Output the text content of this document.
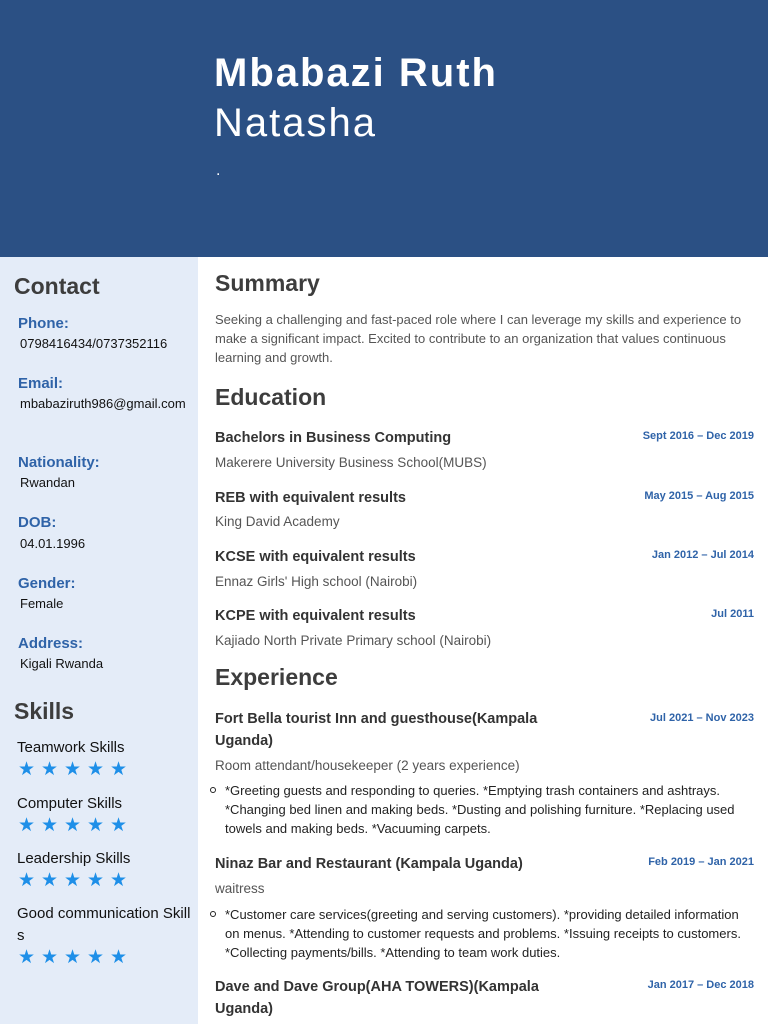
Mbabazi Ruth
Natasha
.
Contact
Phone:
0798416434/0737352116
Email:
mbabaziruth986@gmail.com
Nationality:
Rwandan
DOB:
04.01.1996
Gender:
Female
Address:
Kigali Rwanda
Skills
Teamwork Skills
★ ★ ★ ★ ★
Computer Skills
★ ★ ★ ★ ★
Leadership Skills
★ ★ ★ ★ ★
Good communication Skills
★ ★ ★ ★ ★
Summary
Seeking a challenging and fast-paced role where I can leverage my skills and experience to make a significant impact. Excited to contribute to an organization that values continuous learning and growth.
Education
Bachelors in Business Computing	Sept 2016 – Dec 2019
Makerere University Business School(MUBS)
REB with equivalent results	May 2015 – Aug 2015
King David Academy
KCSE with equivalent results	Jan 2012 – Jul 2014
Ennaz Girls' High school (Nairobi)
KCPE with equivalent results	Jul 2011
Kajiado North Private Primary school (Nairobi)
Experience
Fort Bella tourist Inn and guesthouse(Kampala Uganda)
Jul 2021 – Nov 2023
Room attendant/housekeeper (2 years experience)
*Greeting guests and responding to queries. *Emptying trash containers and ashtrays. *Changing bed linen and making beds. *Dusting and polishing furniture. *Replacing used towels and making beds. *Vacuuming carpets.
Ninaz Bar and Restaurant (Kampala Uganda)	Feb 2019 – Jan 2021
waitress
*Customer care services(greeting and serving customers). *providing detailed information on menus. *Attending to customer requests and problems. *Issuing receipts to customers. *Collecting payments/bills. *Attending to team work duties.
Dave and Dave Group(AHA TOWERS)(Kampala Uganda)
Jan 2017 – Dec 2018
